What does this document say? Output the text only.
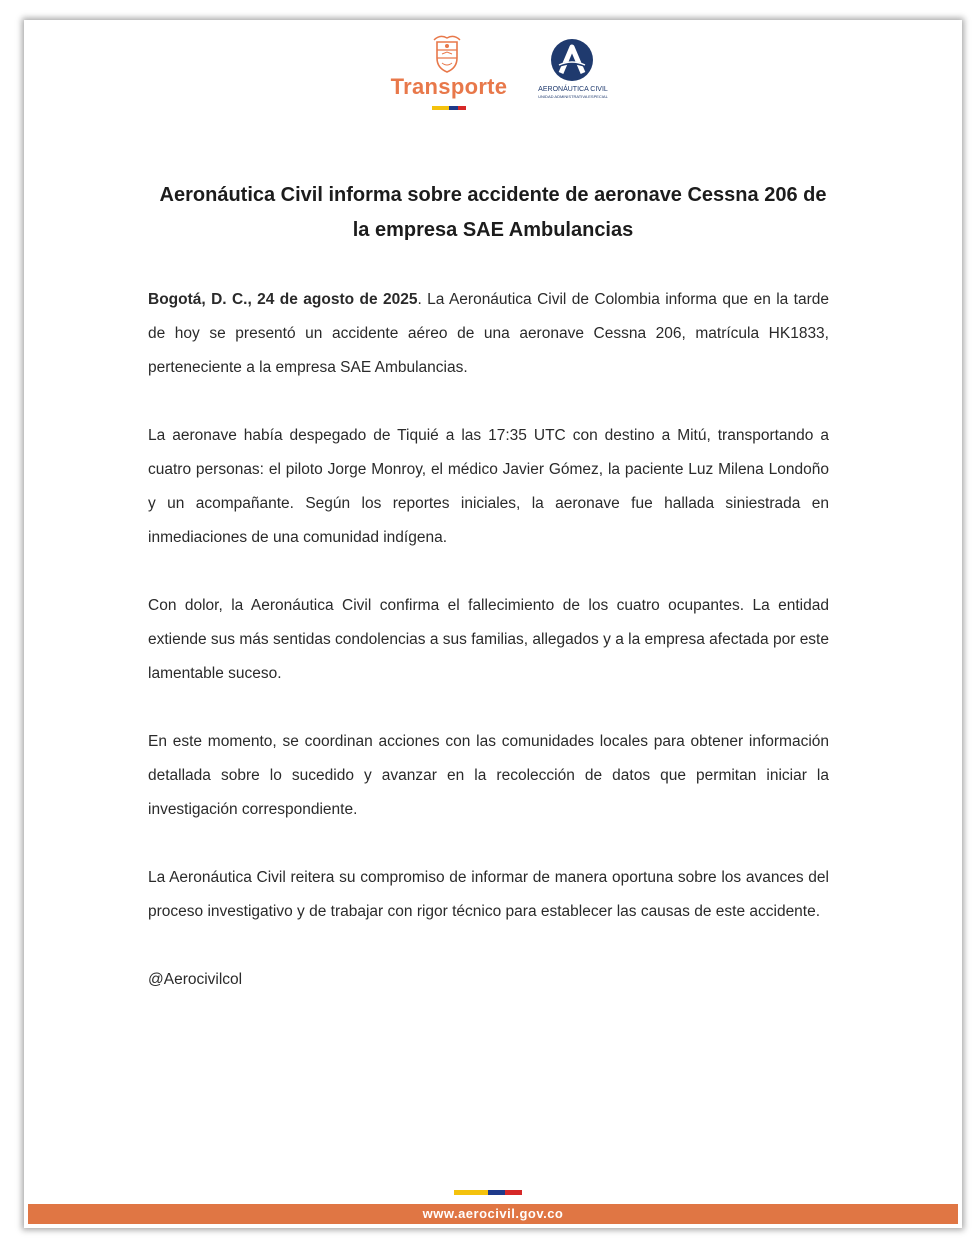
Transporte	AERONÁUTICA CIVIL
UNIDAD ADMINISTRATIVA ESPECIAL
Aeronáutica Civil informa sobre accidente de aeronave Cessna 206 de
la empresa SAE Ambulancias

Bogotá, D. C., 24 de agosto de 2025. La Aeronáutica Civil de Colombia informa que en la tarde de hoy se presentó un accidente aéreo de una aeronave Cessna 206, matrícula HK1833, perteneciente a la empresa SAE Ambulancias.

La aeronave había despegado de Tiquié a las 17:35 UTC con destino a Mitú, transportando a cuatro personas: el piloto Jorge Monroy, el médico Javier Gómez, la paciente Luz Milena Londoño y un acompañante. Según los reportes iniciales, la aeronave fue hallada siniestrada en inmediaciones de una comunidad indígena.

Con dolor, la Aeronáutica Civil confirma el fallecimiento de los cuatro ocupantes. La entidad extiende sus más sentidas condolencias a sus familias, allegados y a la empresa afectada por este lamentable suceso.

En este momento, se coordinan acciones con las comunidades locales para obtener información detallada sobre lo sucedido y avanzar en la recolección de datos que permitan iniciar la investigación correspondiente.

La Aeronáutica Civil reitera su compromiso de informar de manera oportuna sobre los avances del proceso investigativo y de trabajar con rigor técnico para establecer las causas de este accidente.

@Aerocivilcol

www.aerocivil.gov.co
